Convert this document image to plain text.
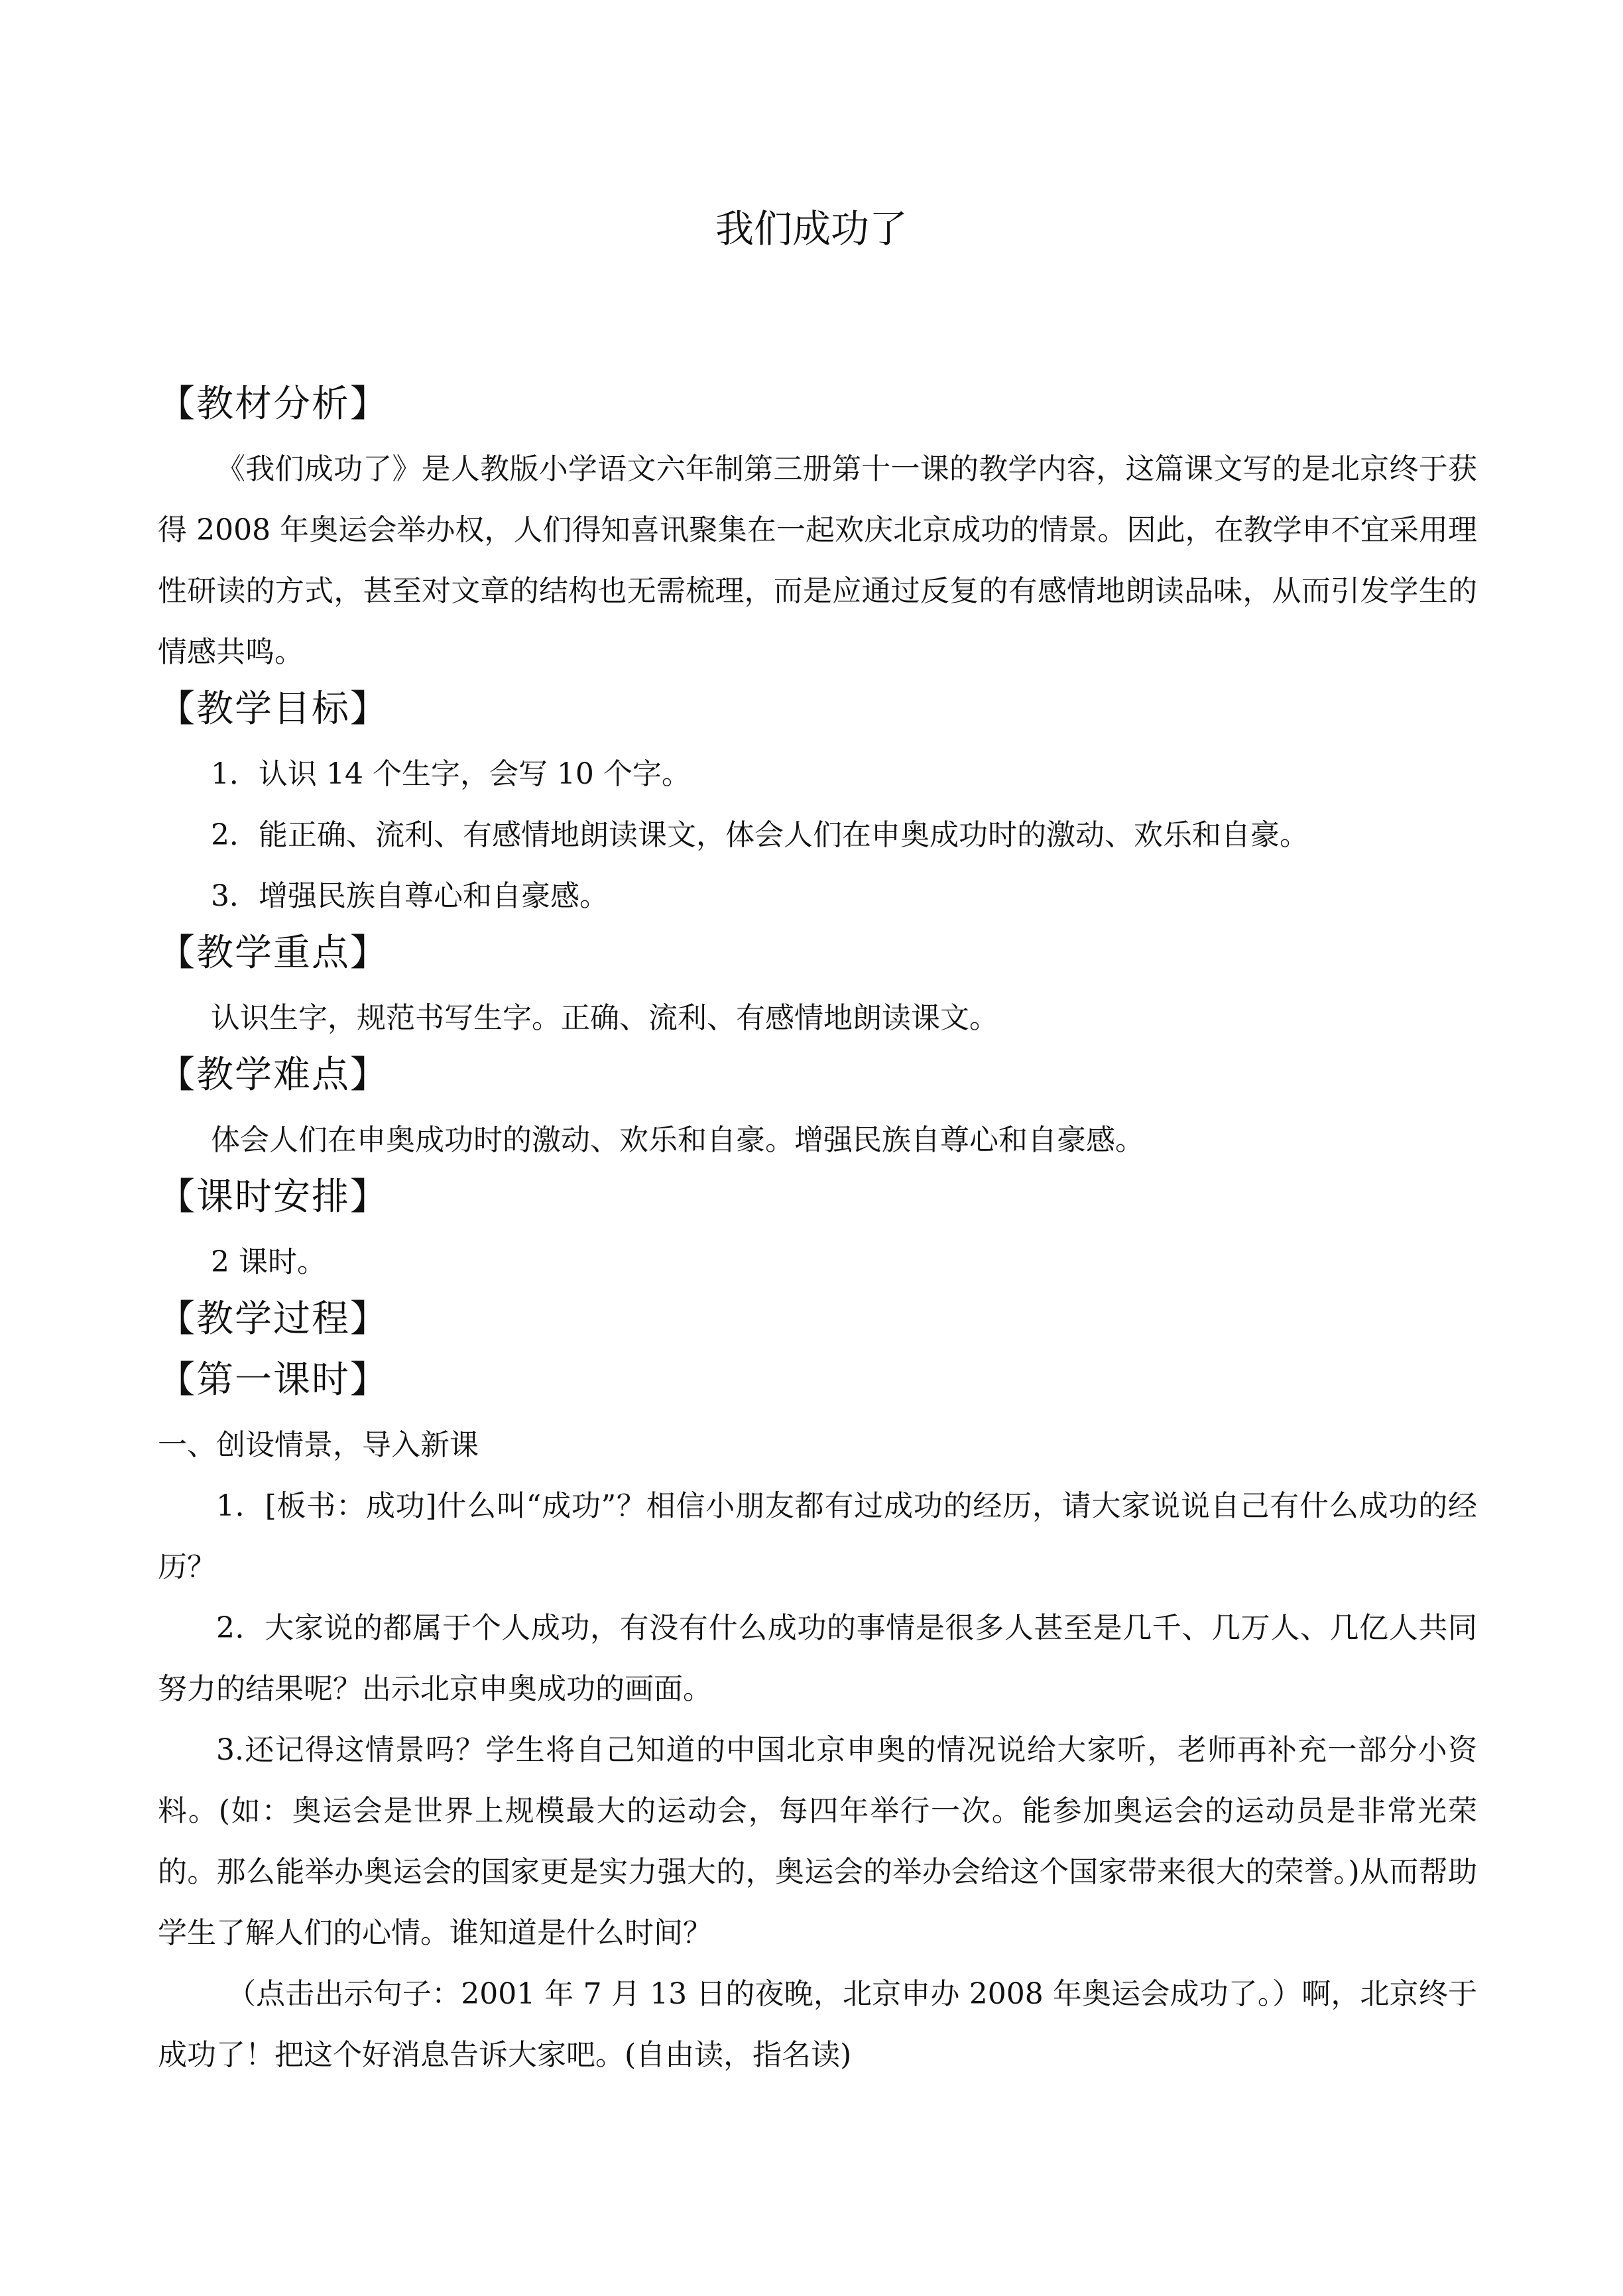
我们成功了
【教材分析】

《我们成功了》是人教版小学语文六年制第三册第十一课的教学内容，这篇课文写的是北京终于获得 2008 年奥运会举办权，人们得知喜讯聚集在一起欢庆北京成功的情景。因此，在教学申不宜采用理性研读的方式，甚至对文章的结构也无需梳理，而是应通过反复的有感情地朗读品味，从而引发学生的情感共鸣。

【教学目标】

1．认识 14 个生字，会写 10 个字。

2．能正确、流利、有感情地朗读课文，体会人们在申奥成功时的激动、欢乐和自豪。

3．增强民族自尊心和自豪感。

【教学重点】

认识生字，规范书写生字。正确、流利、有感情地朗读课文。

【教学难点】

体会人们在申奥成功时的激动、欢乐和自豪。增强民族自尊心和自豪感。

【课时安排】

2 课时。

【教学过程】
【第一课时】

一、创设情景，导入新课

1．[板书：成功]什么叫“成功”？相信小朋友都有过成功的经历，请大家说说自己有什么成功的经历？

2．大家说的都属于个人成功，有没有什么成功的事情是很多人甚至是几千、几万人、几亿人共同努力的结果呢？出示北京申奥成功的画面。

3.还记得这情景吗？学生将自己知道的中国北京申奥的情况说给大家听，老师再补充一部分小资料。(如：奥运会是世界上规模最大的运动会，每四年举行一次。能参加奥运会的运动员是非常光荣的。那么能举办奥运会的国家更是实力强大的，奥运会的举办会给这个国家带来很大的荣誉。)从而帮助学生了解人们的心情。谁知道是什么时间？

（点击出示句子：2001 年 7 月 13 日的夜晚，北京申办 2008 年奥运会成功了。）啊，北京终于成功了！把这个好消息告诉大家吧。(自由读，指名读)
